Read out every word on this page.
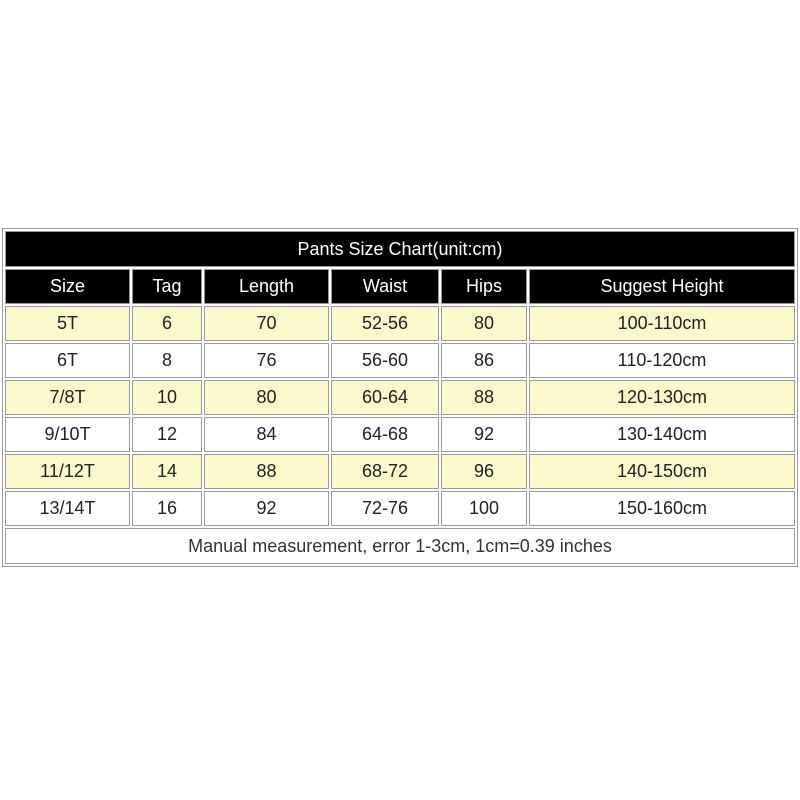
Pants Size Chart(unit:cm)					
Size	Tag	Length	Waist	Hips	Suggest Height
5T	6	70	52-56	80	100-110cm
6T	8	76	56-60	86	110-120cm
7/8T	10	80	60-64	88	120-130cm
9/10T	12	84	64-68	92	130-140cm
11/12T	14	88	68-72	96	140-150cm
13/14T	16	92	72-76	100	150-160cm
Manual measurement, error 1-3cm, 1cm=0.39 inches					
